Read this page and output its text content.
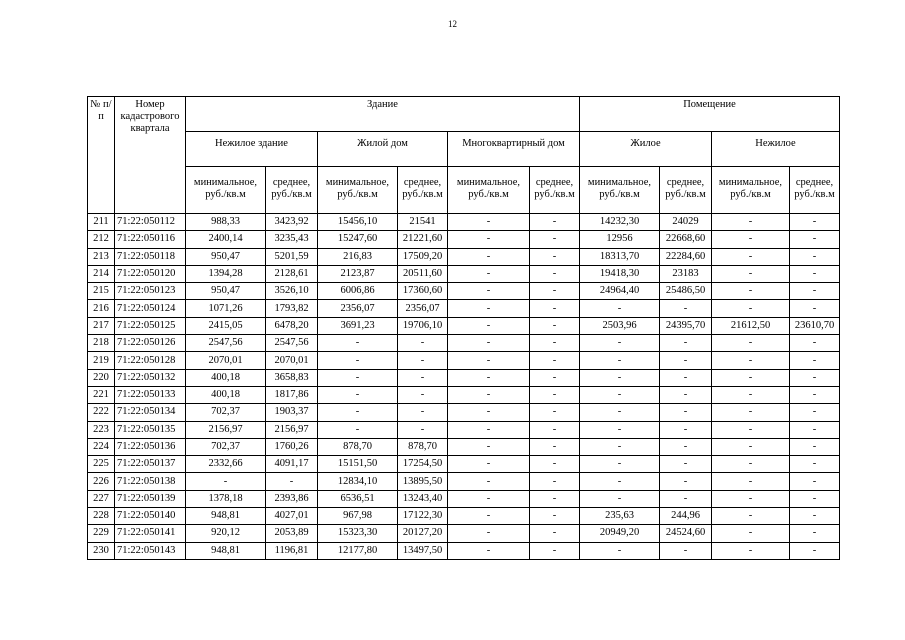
12
№ п/п	Номер кадастрового квартала	Здание						Помещение			
		Нежилое здание		Жилой дом		Многоквартирный дом		Жилое		Нежилое	
		минимальное, руб./кв.м	среднее, руб./кв.м	минимальное, руб./кв.м	среднее, руб./кв.м	минимальное, руб./кв.м	среднее, руб./кв.м	минимальное, руб./кв.м	среднее, руб./кв.м	минимальное, руб./кв.м	среднее, руб./кв.м
211	71:22:050112	988,33	3423,92	15456,10	21541	-	-	14232,30	24029	-	-
212	71:22:050116	2400,14	3235,43	15247,60	21221,60	-	-	12956	22668,60	-	-
213	71:22:050118	950,47	5201,59	216,83	17509,20	-	-	18313,70	22284,60	-	-
214	71:22:050120	1394,28	2128,61	2123,87	20511,60	-	-	19418,30	23183	-	-
215	71:22:050123	950,47	3526,10	6006,86	17360,60	-	-	24964,40	25486,50	-	-
216	71:22:050124	1071,26	1793,82	2356,07	2356,07	-	-	-	-	-	-
217	71:22:050125	2415,05	6478,20	3691,23	19706,10	-	-	2503,96	24395,70	21612,50	23610,70
218	71:22:050126	2547,56	2547,56	-	-	-	-	-	-	-	-
219	71:22:050128	2070,01	2070,01	-	-	-	-	-	-	-	-
220	71:22:050132	400,18	3658,83	-	-	-	-	-	-	-	-
221	71:22:050133	400,18	1817,86	-	-	-	-	-	-	-	-
222	71:22:050134	702,37	1903,37	-	-	-	-	-	-	-	-
223	71:22:050135	2156,97	2156,97	-	-	-	-	-	-	-	-
224	71:22:050136	702,37	1760,26	878,70	878,70	-	-	-	-	-	-
225	71:22:050137	2332,66	4091,17	15151,50	17254,50	-	-	-	-	-	-
226	71:22:050138	-	-	12834,10	13895,50	-	-	-	-	-	-
227	71:22:050139	1378,18	2393,86	6536,51	13243,40	-	-	-	-	-	-
228	71:22:050140	948,81	4027,01	967,98	17122,30	-	-	235,63	244,96	-	-
229	71:22:050141	920,12	2053,89	15323,30	20127,20	-	-	20949,20	24524,60	-	-
230	71:22:050143	948,81	1196,81	12177,80	13497,50	-	-	-	-	-	-
